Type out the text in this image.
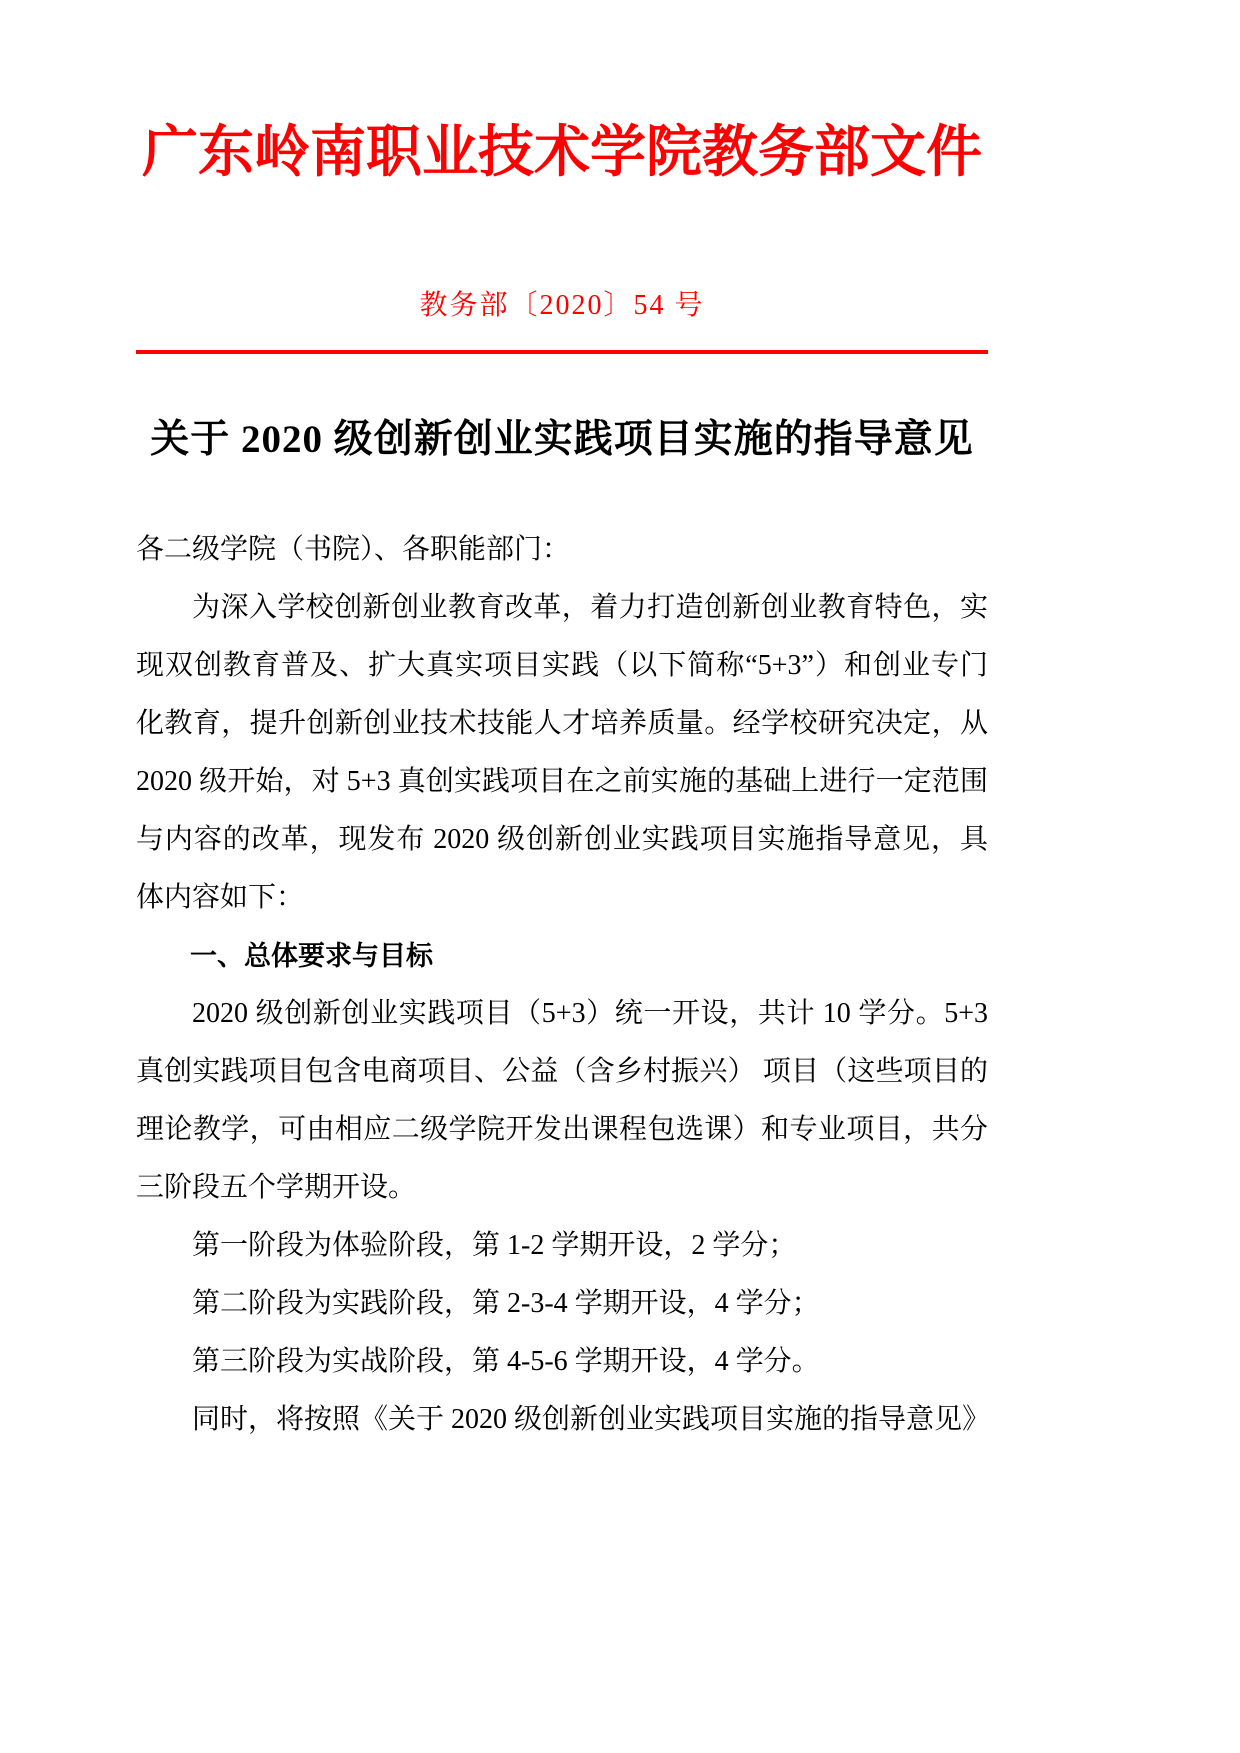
广东岭南职业技术学院教务部文件
教务部〔2020〕54 号
关于 2020 级创新创业实践项目实施的指导意见

各二级学院（书院）、各职能部门：

为深入学校创新创业教育改革，着力打造创新创业教育特色，实现双创教育普及、扩大真实项目实践（以下简称“5+3”）和创业专门化教育，提升创新创业技术技能人才培养质量。经学校研究决定，从 2020 级开始，对 5+3 真创实践项目在之前实施的基础上进行一定范围与内容的改革，现发布 2020 级创新创业实践项目实施指导意见，具体内容如下：

一、总体要求与目标

2020 级创新创业实践项目（5+3）统一开设，共计 10 学分。5+3 真创实践项目包含电商项目、公益（含乡村振兴） 项目（这些项目的理论教学，可由相应二级学院开发出课程包选课）和专业项目，共分三阶段五个学期开设。

第一阶段为体验阶段，第 1-2 学期开设，2 学分；

第二阶段为实践阶段，第 2-3-4 学期开设，4 学分；

第三阶段为实战阶段，第 4-5-6 学期开设，4 学分。

同时，将按照《关于 2020 级创新创业实践项目实施的指导意见》
